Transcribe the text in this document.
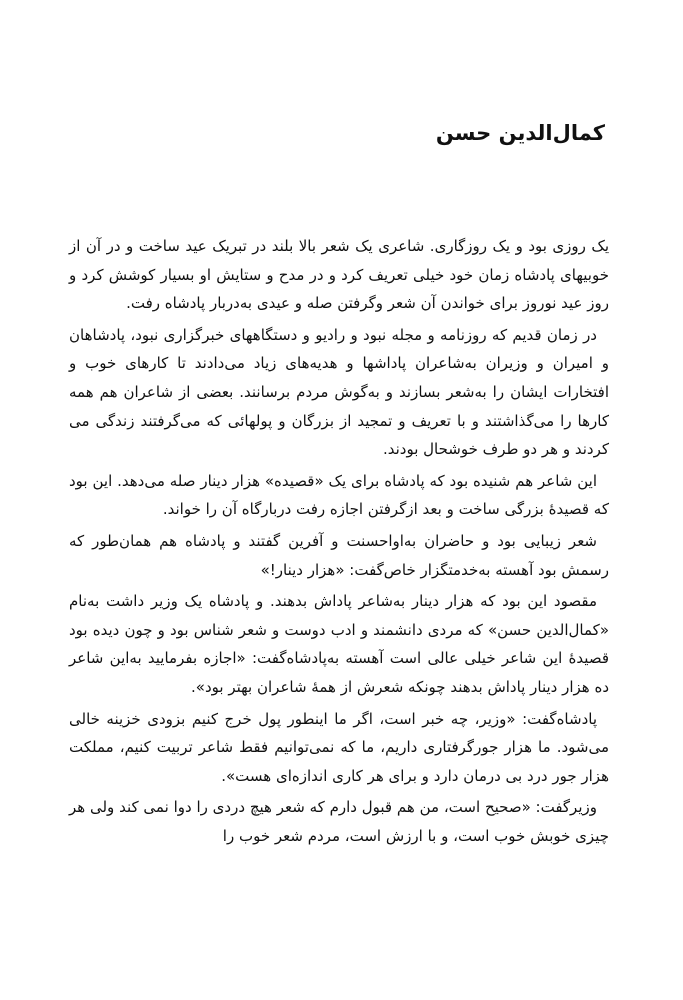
کمال‌الدین حسن

یک روزی بود و یک روزگاری. شاعری یک شعر بالا بلند در تبریک عید ساخت و در آن از خوبیهای پادشاه زمان خود خیلی تعریف کرد و در مدح و ستایش او بسیار کوشش کرد و روز عید نوروز برای خواندن آن شعر وگرفتن صله و عیدی به‌دربار پادشاه رفت.

در زمان قدیم که روزنامه و مجله نبود و رادیو و دستگاههای خبرگزاری نبود، پادشاهان و امیران و وزیران به‌شاعران پاداشها و هدیه‌های زیاد می‌دادند تا کارهای خوب و افتخارات ایشان را به‌شعر بسازند و به‌گوش مردم برسانند. بعضی از شاعران هم همه کارها را می‌گذاشتند و با تعریف و تمجید از بزرگان و پولهائی که می‌گرفتند زندگی می کردند و هر دو طرف خوشحال بودند.

این شاعر هم شنیده بود که پادشاه برای یک «قصیده» هزار دینار صله می‌دهد. این بود که قصیدهٔ بزرگی ساخت و بعد ازگرفتن اجازه رفت دربارگاه آن را خواند.

شعر زیبایی بود و حاضران به‌اواحسنت و آفرین گفتند و پادشاه هم همان‌طور که رسمش بود آهسته به‌خدمتگزار خاص‌گفت: «هزار دینار!»

مقصود این بود که هزار دینار به‌شاعر پاداش بدهند. و پادشاه یک وزیر داشت به‌نام «کمال‌الدین حسن» که مردی دانشمند و ادب دوست و شعر شناس بود و چون دیده بود قصیدهٔ این شاعر خیلی عالی است آهسته به‌پادشاه‌گفت: «اجازه بفرمایید به‌این شاعر ده هزار دینار پاداش بدهند چونکه شعرش از همهٔ شاعران بهتر بود».

پادشاه‌گفت: «وزیر، چه خبر است، اگر ما اینطور پول خرج کنیم بزودی خزینه خالی می‌شود. ما هزار جورگرفتاری داریم، ما که نمی‌توانیم فقط شاعر تربیت کنیم، مملکت هزار جور درد بی درمان دارد و برای هر کاری اندازه‌ای هست».

وزیرگفت: «صحیح است، من هم قبول دارم که شعر هیچ دردی را دوا نمی کند ولی هر چیزی خوبش خوب است، و با ارزش است، مردم شعر خوب را
